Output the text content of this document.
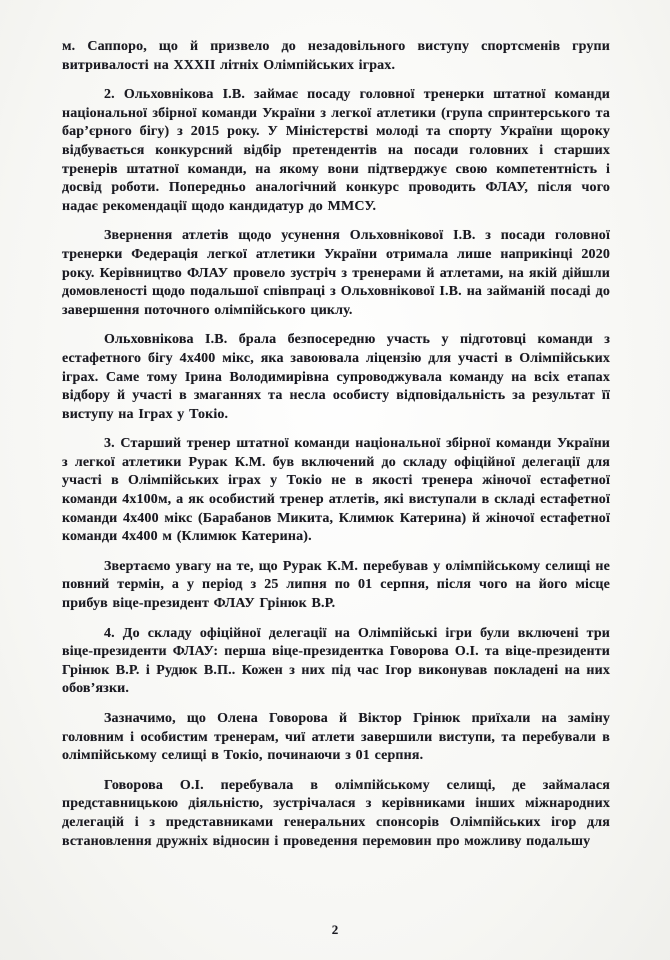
м. Саппоро, що й призвело до незадовільного виступу спортсменів групи витривалості на XXXII літніх Олімпійських іграх.

2. Ольховнікова І.В. займає посаду головної тренерки штатної команди національної збірної команди України з легкої атлетики (група спринтерського та бар’єрного бігу) з 2015 року. У Міністерстві молоді та спорту України щороку відбувається конкурсний відбір претендентів на посади головних і старших тренерів штатної команди, на якому вони підтверджує свою компетентність і досвід роботи. Попередньо аналогічний конкурс проводить ФЛАУ, після чого надає рекомендації щодо кандидатур до ММСУ.

Звернення атлетів щодо усунення Ольховнікової І.В. з посади головної тренерки Федерація легкої атлетики України отримала лише наприкінці 2020 року. Керівництво ФЛАУ провело зустріч з тренерами й атлетами, на якій дійшли домовленості щодо подальшої співпраці з Ольховнікової І.В. на займаній посаді до завершення поточного олімпійського циклу.

Ольховнікова І.В. брала безпосередню участь у підготовці команди з естафетного бігу 4х400 мікс, яка завоювала ліцензію для участі в Олімпійських іграх. Саме тому Ірина Володимирівна супроводжувала команду на всіх етапах відбору й участі в змаганнях та несла особисту відповідальність за результат її виступу на Іграх у Токіо.

3. Старший тренер штатної команди національної збірної команди України з легкої атлетики Рурак К.М. був включений до складу офіційної делегації для участі в Олімпійських іграх у Токіо не в якості тренера жіночої естафетної команди 4х100м, а як особистий тренер атлетів, які виступали в складі естафетної команди 4х400 мікс (Барабанов Микита, Климюк Катерина) й жіночої естафетної команди 4х400 м (Климюк Катерина).

Звертаємо увагу на те, що Рурак К.М. перебував у олімпійському селищі не повний термін, а у період з 25 липня по 01 серпня, після чого на його місце прибув віце-президент ФЛАУ Грінюк В.Р.

4. До складу офіційної делегації на Олімпійські ігри були включені три віце-президенти ФЛАУ: перша віце-президентка Говорова О.І. та віце-президенти Грінюк В.Р. і Рудюк В.П.. Кожен з них під час Ігор виконував покладені на них обов’язки.

Зазначимо, що Олена Говорова й Віктор Грінюк приїхали на заміну головним і особистим тренерам, чиї атлети завершили виступи, та перебували в олімпійському селищі в Токіо, починаючи з 01 серпня.

Говорова О.І. перебувала в олімпійському селищі, де займалася представницькою діяльністю, зустрічалася з керівниками інших міжнародних делегацій і з представниками генеральних спонсорів Олімпійських ігор для встановлення дружніх відносин і проведення перемовин про можливу подальшу

2
